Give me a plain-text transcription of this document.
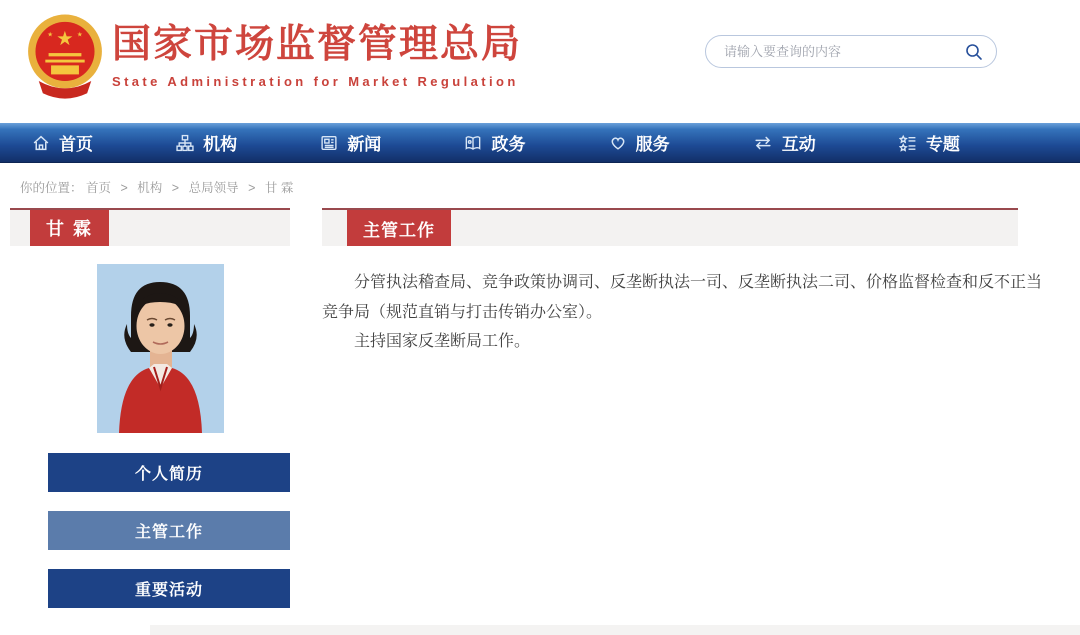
★
★	★ 国家市场监督管理总局
State Administration for Market Regulation
请输入要查询的内容
首页	机构	新闻	政务	服务	互动	专题
你的位置： 首页 > 机构 > 总局领导 > 甘 霖
甘 霖
个人简历
主管工作
重要活动
主管工作

分管执法稽查局、竞争政策协调司、反垄断执法一司、反垄断执法二司、价格监督检查和反不正当竞争局（规范直销与打击传销办公室）。

主持国家反垄断局工作。
